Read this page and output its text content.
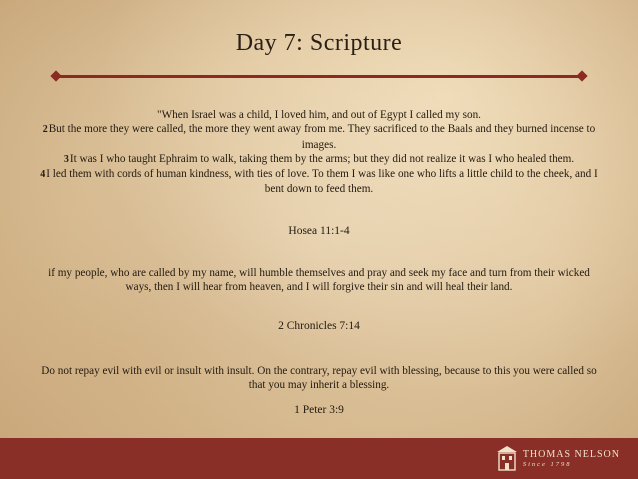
Day 7: Scripture
"When Israel was a child, I loved him, and out of Egypt I called my son.
2But the more they were called, the more they went away from me. They sacrificed to the Baals and they burned incense to images.
3It was I who taught Ephraim to walk, taking them by the arms; but they did not realize it was I who healed them.
4I led them with cords of human kindness, with ties of love. To them I was like one who lifts a little child to the cheek, and I bent down to feed them.
Hosea 11:1-4
if my people, who are called by my name, will humble themselves and pray and seek my face and turn from their wicked ways, then I will hear from heaven, and I will forgive their sin and will heal their land.
2 Chronicles 7:14
Do not repay evil with evil or insult with insult. On the contrary, repay evil with blessing, because to this you were called so that you may inherit a blessing.
1 Peter 3:9
THOMAS NELSON
Since 1798
